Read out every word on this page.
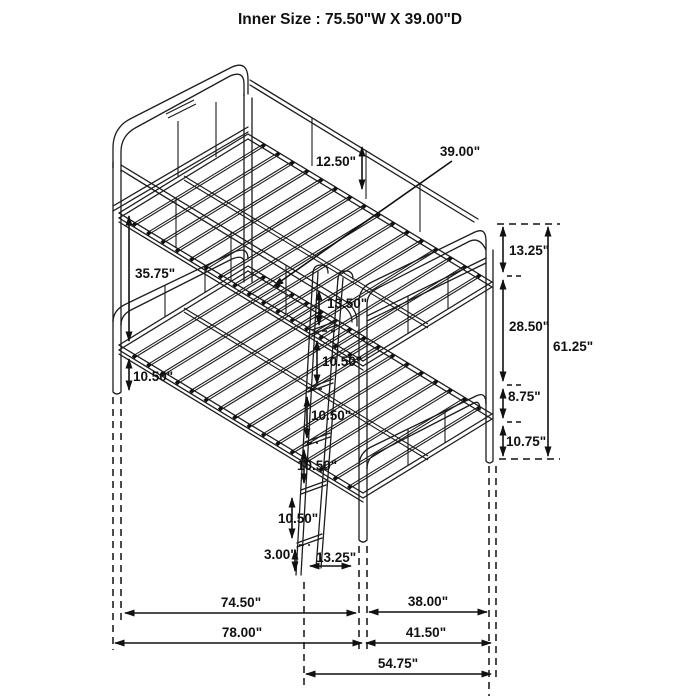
Inner Size : 75.50"W X 39.00"D
12.50"
39.00"
13.25"
28.50"
8.75"
10.75"
61.25"
35.75"
10.50"
13.50"
10.50"
10.50"
10.50"
10.50"
3.00" 13.25"
74.50"	38.00"
78.00"	41.50"
54.75"
